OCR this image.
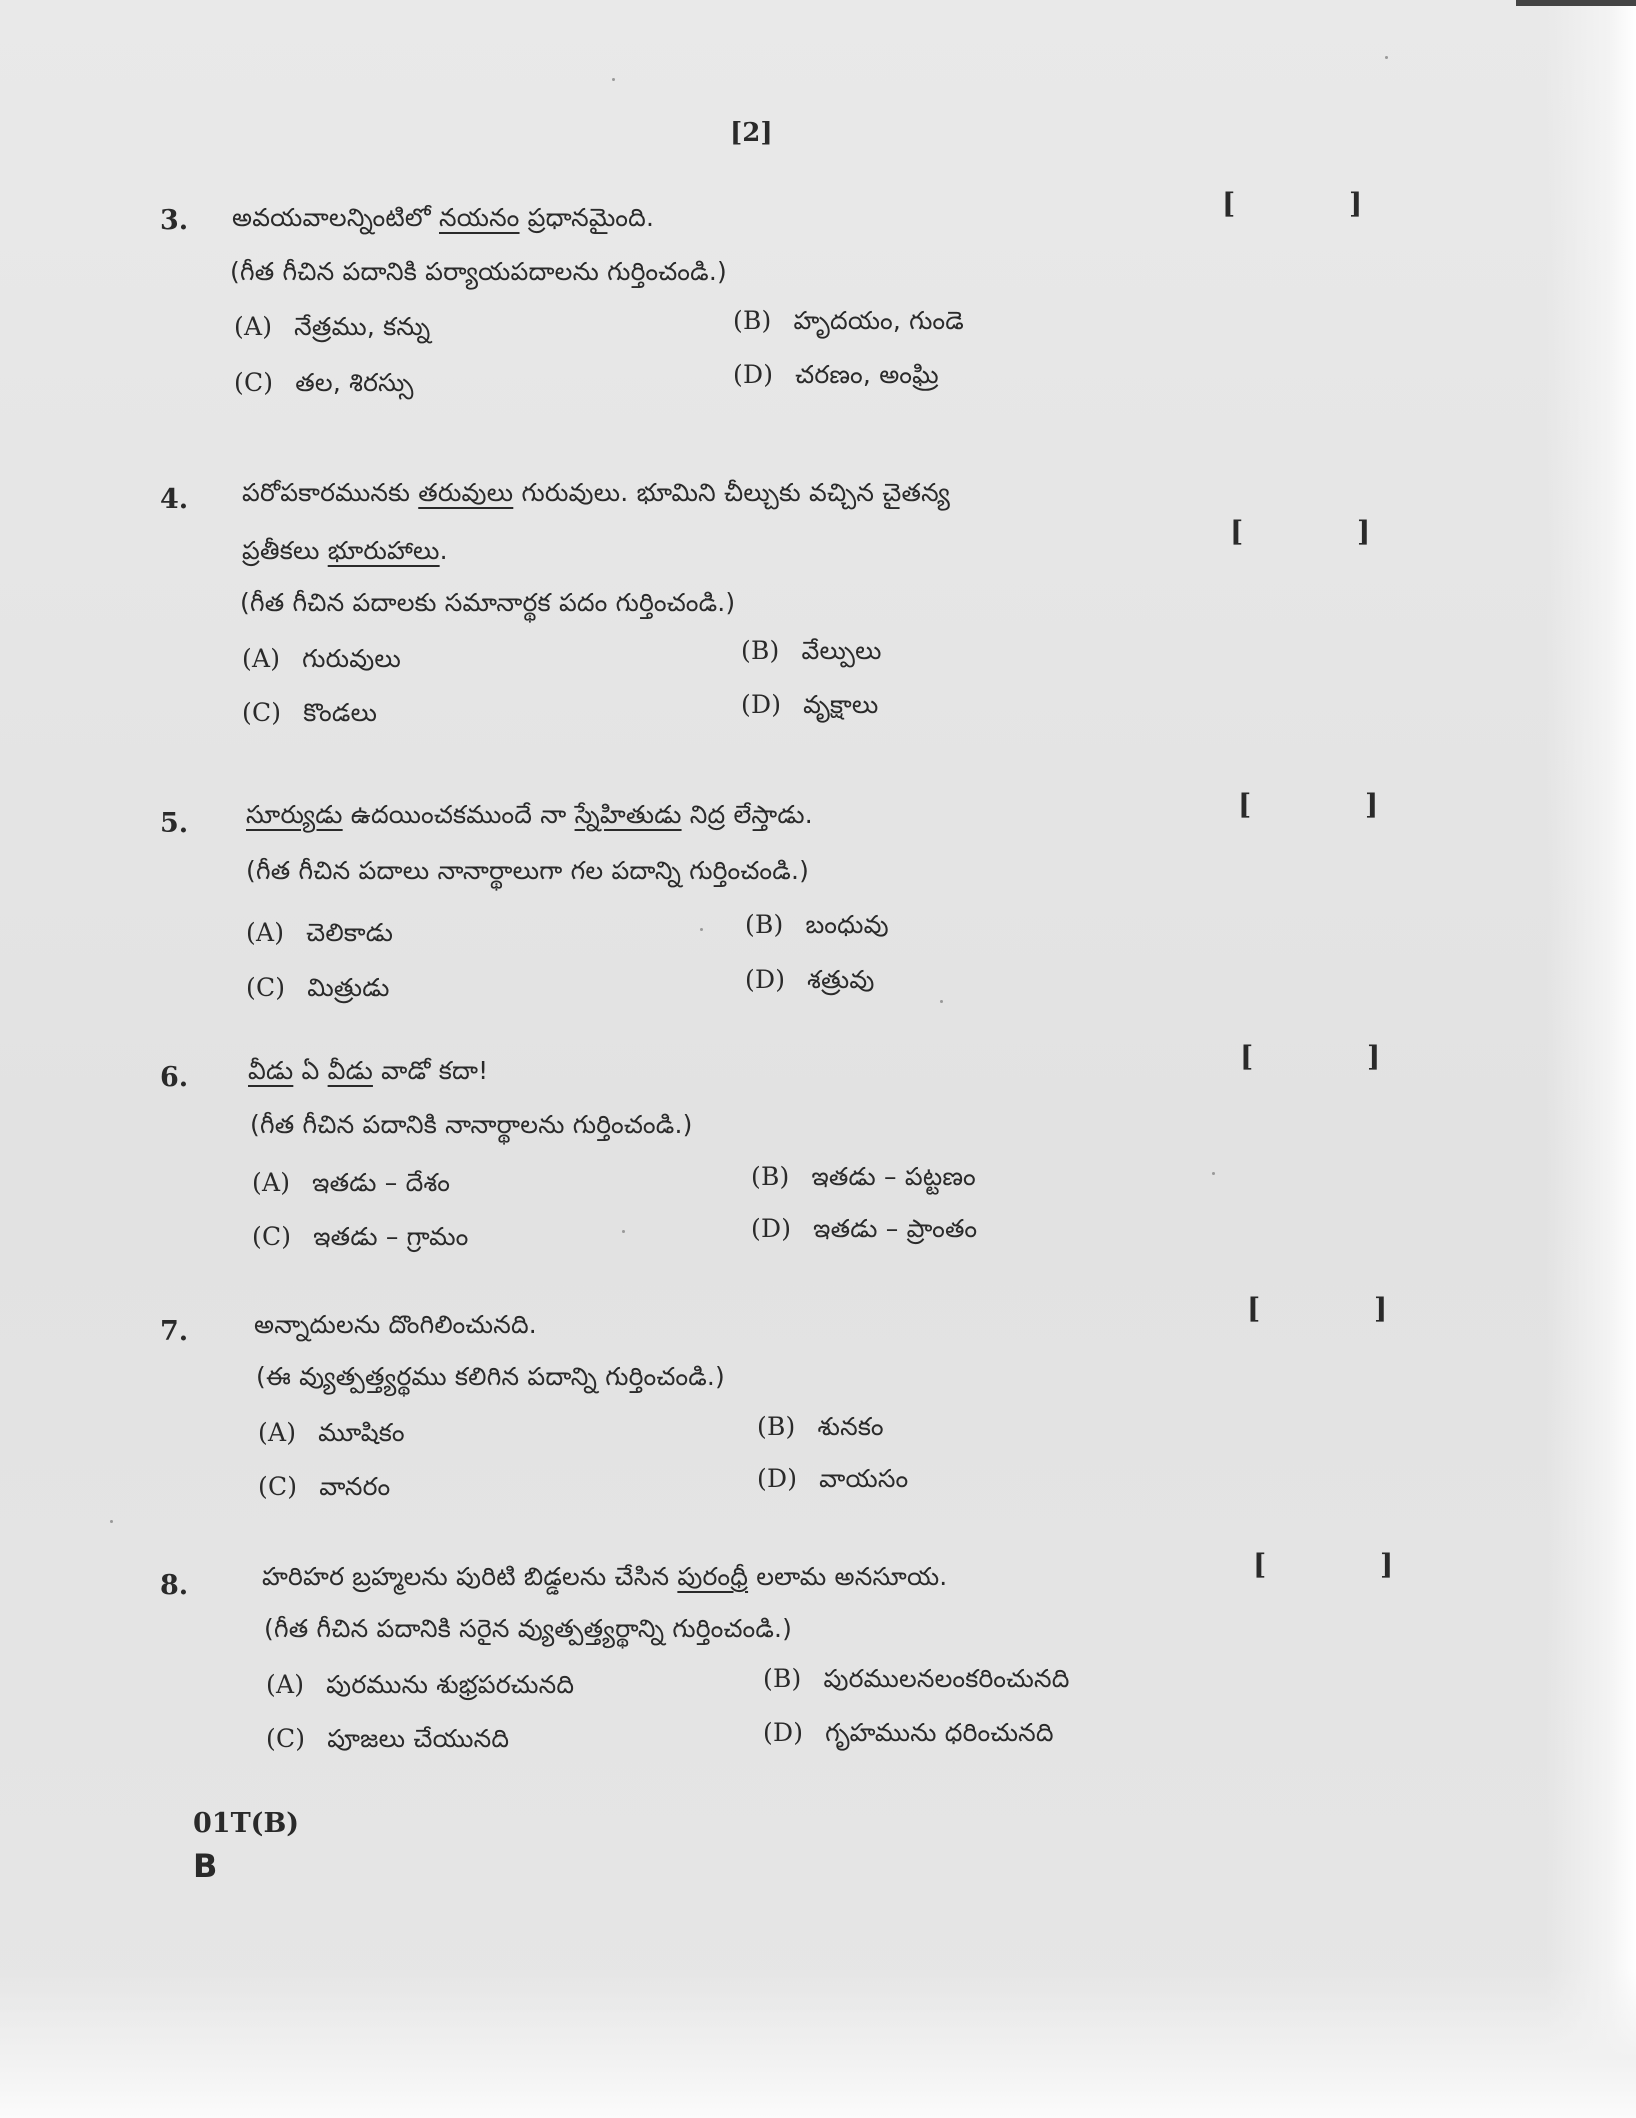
[2]
3. అవయవాలన్నింటిలో నయనం ప్రధానమైంది.	[ ]
(గీత గీచిన పదానికి పర్యాయపదాలను గుర్తించండి.)
(A) నేత్రము, కన్ను	(B) హృదయం, గుండె
(C) తల, శిరస్సు	(D) చరణం, అంఘ్రి
4. పరోపకారమునకు తరువులు గురువులు. భూమిని చీల్చుకు వచ్చిన చైతన్య
ప్రతీకలు భూరుహాలు.
[ ]
(గీత గీచిన పదాలకు సమానార్థక పదం గుర్తించండి.)
(A) గురువులు	(B) వేల్పులు
(C) కొండలు	(D) వృక్షాలు
5. సూర్యుడు ఉదయించకముందే నా స్నేహితుడు నిద్ర లేస్తాడు.	[ ]
(గీత గీచిన పదాలు నానార్థాలుగా గల పదాన్ని గుర్తించండి.)
(A) చెలికాడు	(B) బంధువు
(C) మిత్రుడు	(D) శత్రువు
6. వీడు ఏ వీడు వాడో కదా!	[ ]
(గీత గీచిన పదానికి నానార్థాలను గుర్తించండి.)
(A) ఇతడు – దేశం	(B) ఇతడు – పట్టణం
(C) ఇతడు – గ్రామం	(D) ఇతడు – ప్రాంతం
7.	అన్నాదులను దొంగిలించునది.	[ ]
(ఈ వ్యుత్పత్త్యర్థము కలిగిన పదాన్ని గుర్తించండి.)
(A) మూషికం	(B) శునకం
(C) వానరం	(D) వాయసం
8.	హరిహర బ్రహ్మలను పురిటి బిడ్డలను చేసిన పురంధ్రీ లలామ అనసూయ.	[ ]
(గీత గీచిన పదానికి సరైన వ్యుత్పత్త్యర్థాన్ని గుర్తించండి.)
(A) పురమును శుభ్రపరచునది	(B) పురములనలంకరించునది
(C) పూజలు చేయునది	(D) గృహమును ధరించునది
01T(B)
B
